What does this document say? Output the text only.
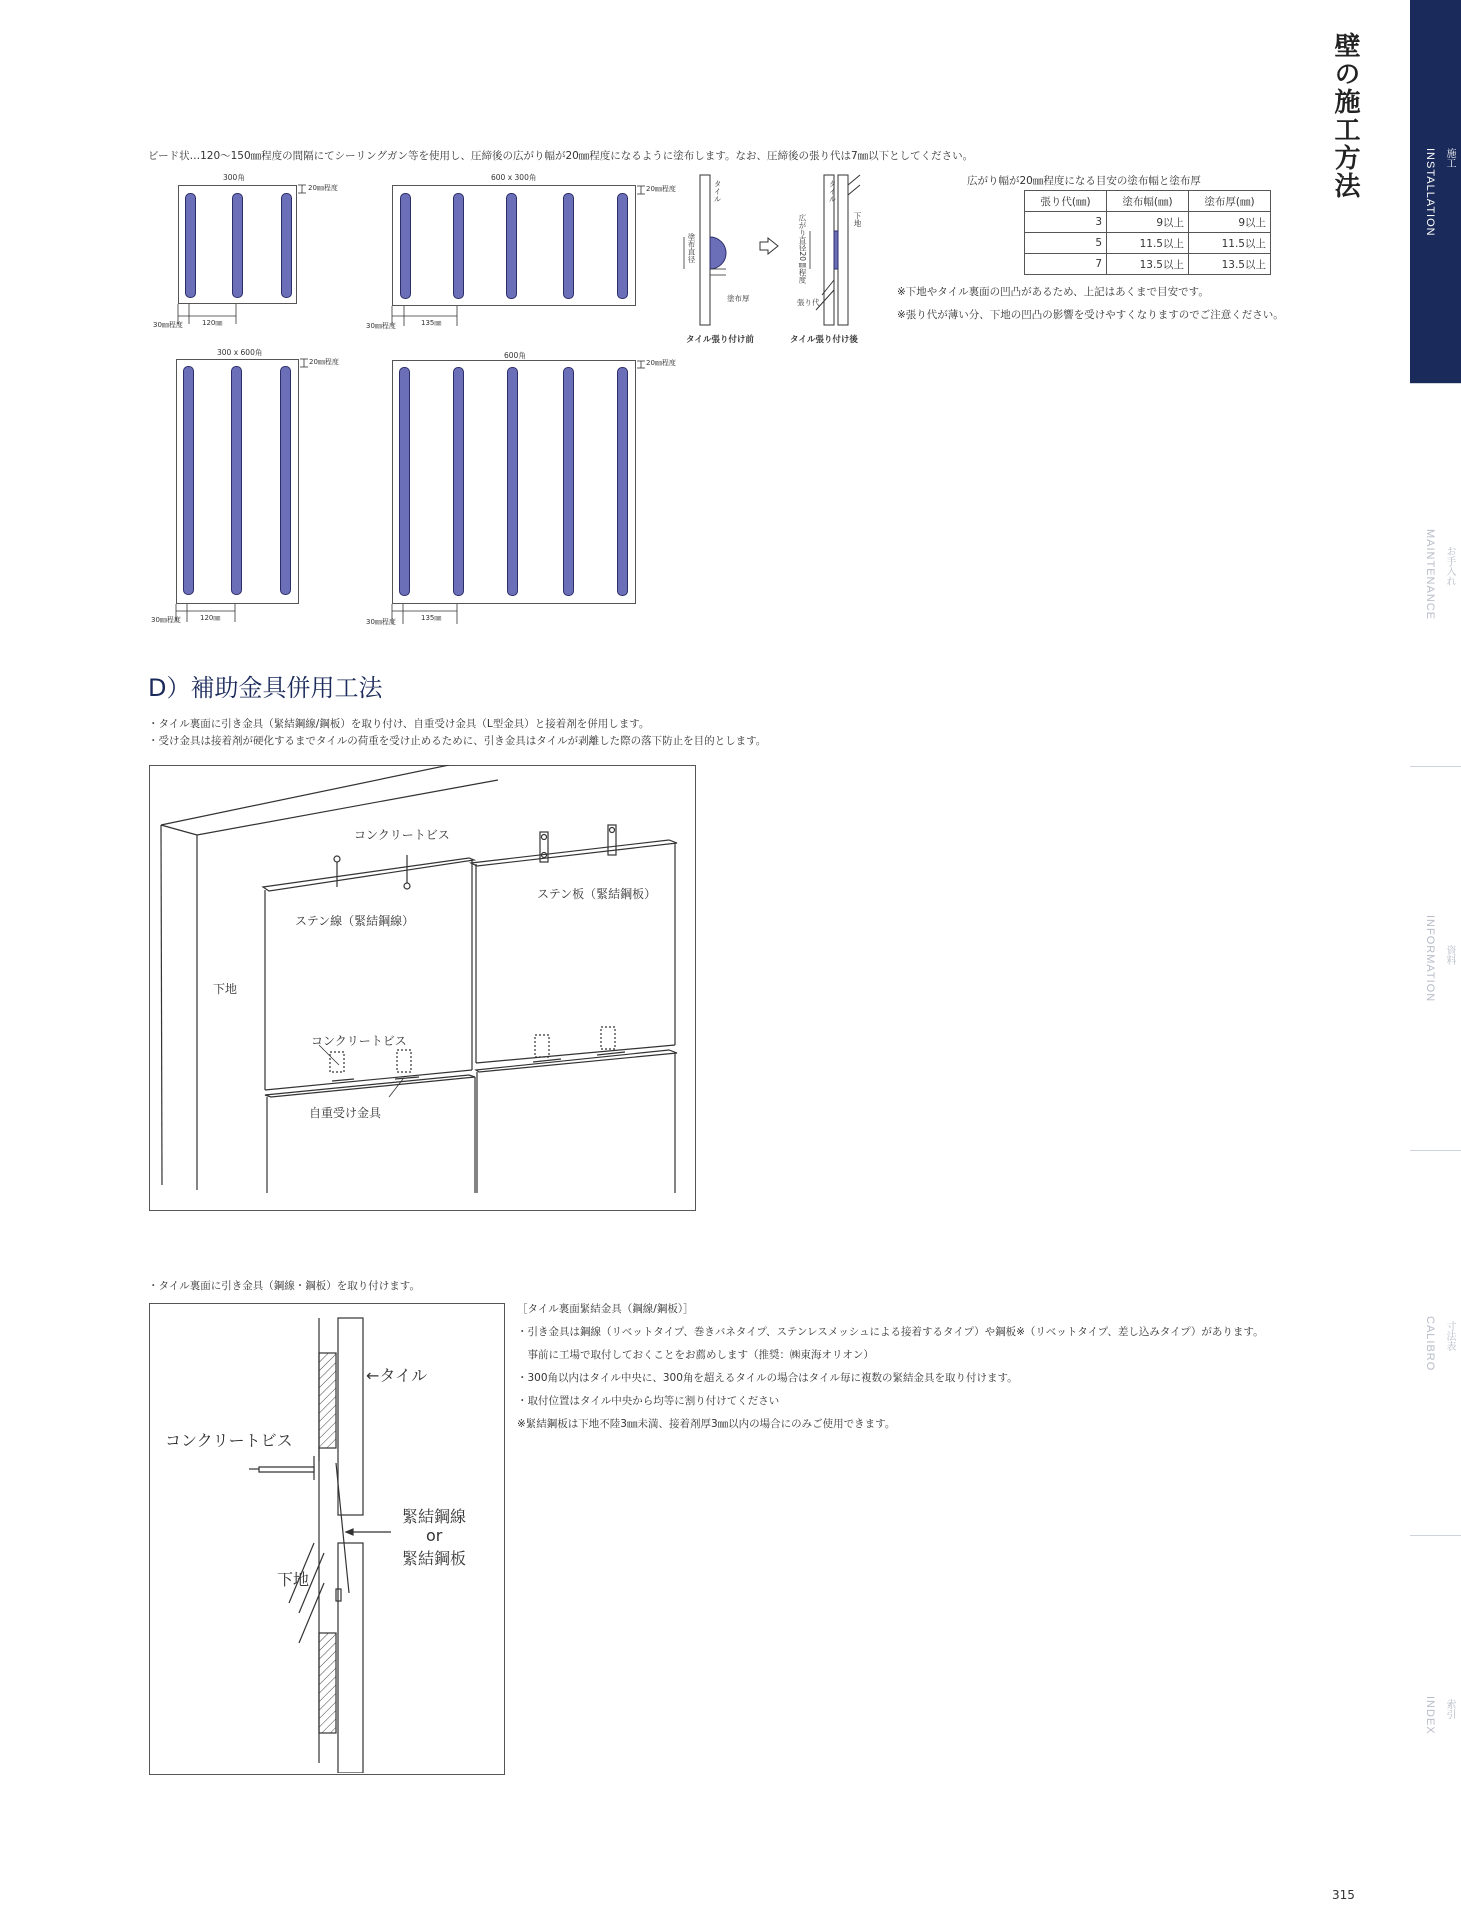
INSTALLATION 施工
MAINTENANCE お手入れ
INFORMATION 資料
CALIBRO 寸法表
INDEX 索引
壁の施工方法
ビード状…120～150㎜程度の間隔にてシーリングガン等を使用し、圧締後の広がり幅が20㎜程度になるように塗布します。なお、圧締後の張り代は7㎜以下としてください。
300角
20㎜程度
30㎜程度	120㎜
600 x 300角
20㎜程度
30㎜程度	135㎜
300 x 600角
20㎜程度
30㎜程度	120㎜
600角
20㎜程度
30㎜程度	135㎜
タイル
塗布直径
塗布厚
タイル張り付け前
タイル
下地
広がり直径20㎜程度
張り代
タイル張り付け後
広がり幅が20㎜程度になる目安の塗布幅と塗布厚
張り代(㎜)	塗布幅(㎜)	塗布厚(㎜)
3	9以上	9以上
5	11.5以上	11.5以上
7	13.5以上	13.5以上
※下地やタイル裏面の凹凸があるため、上記はあくまで目安です。
※張り代が薄い分、下地の凹凸の影響を受けやすくなりますのでご注意ください。
D）補助金具併用工法
・タイル裏面に引き金具（緊結鋼線/鋼板）を取り付け、自重受け金具（L型金具）と接着剤を併用します。
・受け金具は接着剤が硬化するまでタイルの荷重を受け止めるために、引き金具はタイルが剥離した際の落下防止を目的とします。
コンクリートビス
ステン線（緊結鋼線）
ステン板（緊結鋼板）
下地
コンクリートビス
自重受け金具
・タイル裏面に引き金具（鋼線・鋼板）を取り付けます。
←タイル
コンクリートビス
緊結鋼線
or
緊結鋼板
下地
［タイル裏面緊結金具（鋼線/鋼板）］
・引き金具は鋼線（リベットタイプ、巻きバネタイプ、ステンレスメッシュによる接着するタイプ）や鋼板※（リベットタイプ、差し込みタイプ）があります。
　事前に工場で取付しておくことをお薦めします（推奨：㈱東海オリオン）
・300角以内はタイル中央に、300角を超えるタイルの場合はタイル毎に複数の緊結金具を取り付けます。
・取付位置はタイル中央から均等に割り付けてください
※緊結鋼板は下地不陸3㎜未満、接着剤厚3㎜以内の場合にのみご使用できます。
315
